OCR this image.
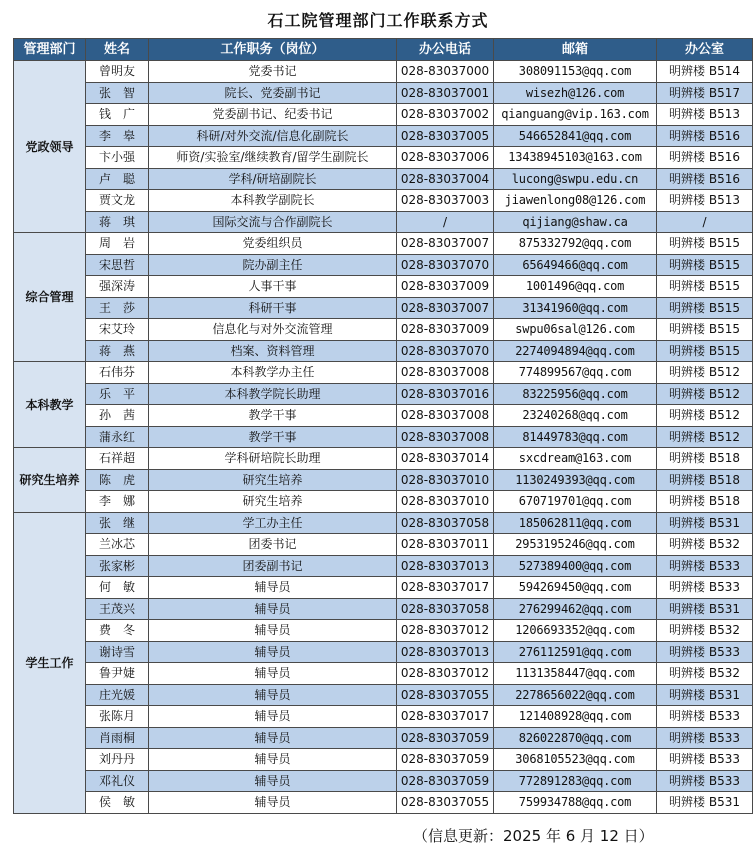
石工院管理部门工作联系方式
管理部门	姓名	工作职务（岗位）	办公电话	邮箱	办公室
党政领导	曾明友	党委书记	028-83037000	308091153@qq.com	明辨楼 B514
	张　智	院长、党委副书记	028-83037001	wisezh@126.com	明辨楼 B517
	钱　广	党委副书记、纪委书记	028-83037002	qianguang@vip.163.com	明辨楼 B513
	李　皋	科研/对外交流/信息化副院长	028-83037005	546652841@qq.com	明辨楼 B516
	卞小强	师资/实验室/继续教育/留学生副院长	028-83037006	13438945103@163.com	明辨楼 B516
	卢　聪	学科/研培副院长	028-83037004	lucong@swpu.edu.cn	明辨楼 B516
	贾文龙	本科教学副院长	028-83037003	jiawenlong08@126.com	明辨楼 B513
	蒋　琪	国际交流与合作副院长	/	qijiang@shaw.ca	/
综合管理	周　岩	党委组织员	028-83037007	875332792@qq.com	明辨楼 B515
	宋思哲	院办副主任	028-83037070	65649466@qq.com	明辨楼 B515
	强深涛	人事干事	028-83037009	1001496@qq.com	明辨楼 B515
	王　莎	科研干事	028-83037007	31341960@qq.com	明辨楼 B515
	宋艾玲	信息化与对外交流管理	028-83037009	swpu06sal@126.com	明辨楼 B515
	蒋　燕	档案、资料管理	028-83037070	2274094894@qq.com	明辨楼 B515
本科教学	石伟芬	本科教学办主任	028-83037008	774899567@qq.com	明辨楼 B512
	乐　平	本科教学院长助理	028-83037016	83225956@qq.com	明辨楼 B512
	孙　茜	教学干事	028-83037008	23240268@qq.com	明辨楼 B512
	蒲永红	教学干事	028-83037008	81449783@qq.com	明辨楼 B512
研究生培养	石祥超	学科研培院长助理	028-83037014	sxcdream@163.com	明辨楼 B518
	陈　虎	研究生培养	028-83037010	1130249393@qq.com	明辨楼 B518
	李　娜	研究生培养	028-83037010	670719701@qq.com	明辨楼 B518
学生工作	张　继	学工办主任	028-83037058	185062811@qq.com	明辨楼 B531
	兰冰芯	团委书记	028-83037011	2953195246@qq.com	明辨楼 B532
	张家彬	团委副书记	028-83037013	527389400@qq.com	明辨楼 B533
	何　敏	辅导员	028-83037017	594269450@qq.com	明辨楼 B533
	王茂兴	辅导员	028-83037058	276299462@qq.com	明辨楼 B531
	费　冬	辅导员	028-83037012	1206693352@qq.com	明辨楼 B532
	谢诗雪	辅导员	028-83037013	276112591@qq.com	明辨楼 B533
	鲁尹婕	辅导员	028-83037012	1131358447@qq.com	明辨楼 B532
	庄光媛	辅导员	028-83037055	2278656022@qq.com	明辨楼 B531
	张陈月	辅导员	028-83037017	121408928@qq.com	明辨楼 B533
	肖雨桐	辅导员	028-83037059	826022870@qq.com	明辨楼 B533
	刘丹丹	辅导员	028-83037059	3068105523@qq.com	明辨楼 B533
	邓礼仪	辅导员	028-83037059	772891283@qq.com	明辨楼 B533
	侯　敏	辅导员	028-83037055	759934788@qq.com	明辨楼 B531
（信息更新：2025 年 6 月 12 日）
